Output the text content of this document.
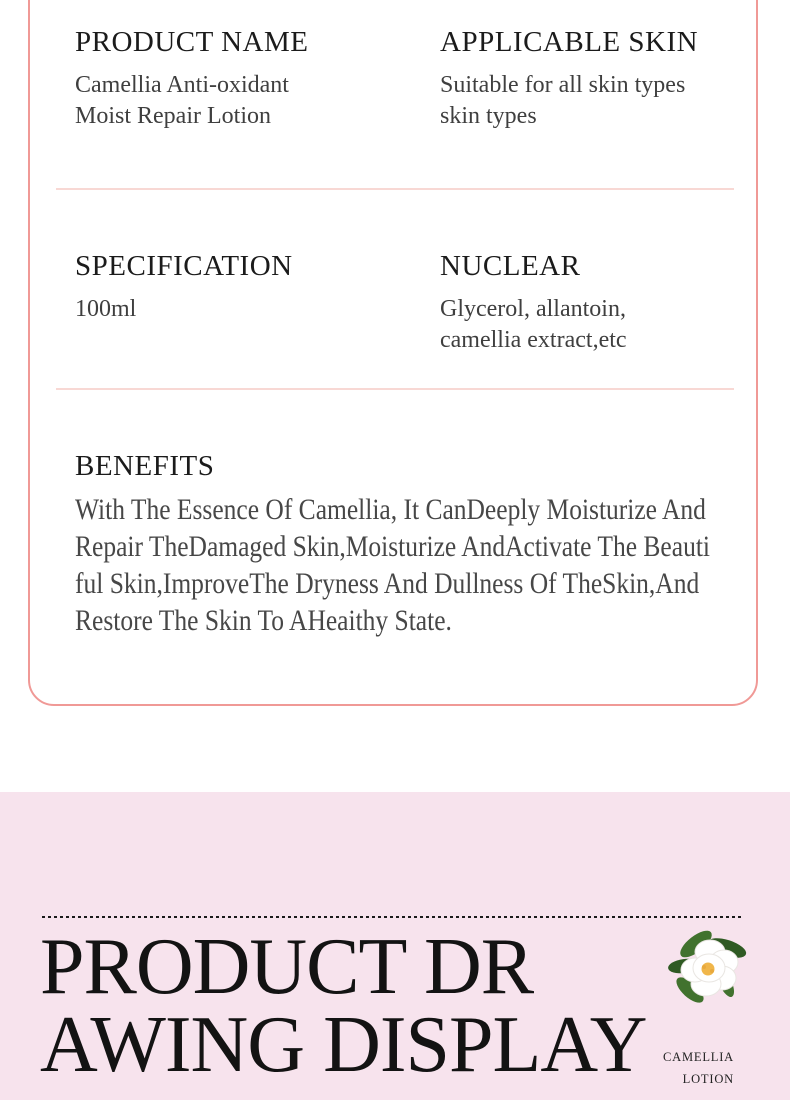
PRODUCT NAME
Camellia Anti-oxidant
Moist Repair Lotion
APPLICABLE SKIN
Suitable for all skin types
skin types
SPECIFICATION
100ml
NUCLEAR
Glycerol, allantoin,
camellia extract,etc
BENEFITS
With The Essence Of Camellia, It CanDeeply Moisturize And
Repair TheDamaged Skin,Moisturize AndActivate The Beauti
ful Skin,ImproveThe Dryness And Dullness Of TheSkin,And
Restore The Skin To AHeaithy State.
PRODUCT DR
AWING DISPLAY	CAMELLIA
LOTION
